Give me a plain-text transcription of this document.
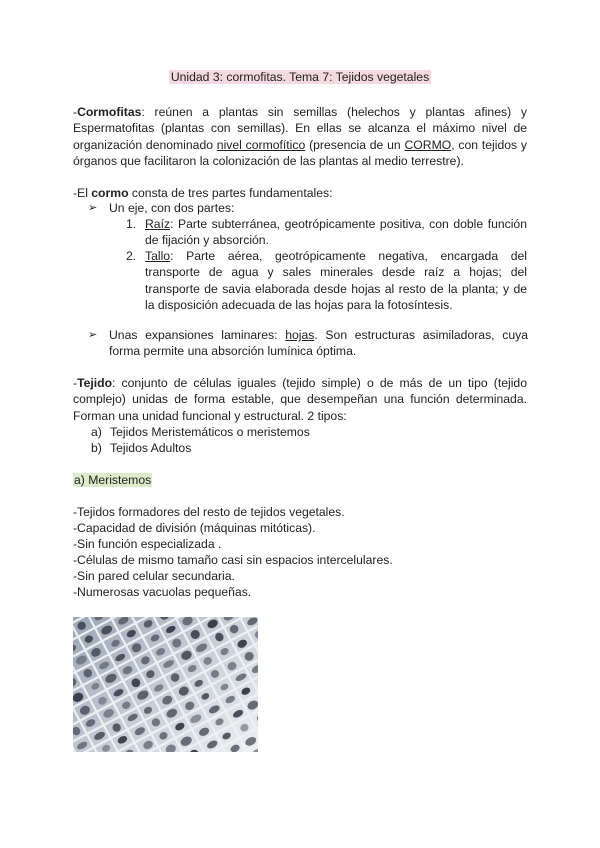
Unidad 3: cormofitas. Tema 7: Tejidos vegetales
-Cormofitas: reúnen a plantas sin semillas (helechos y plantas afines) y Espermatofitas (plantas con semillas). En ellas se alcanza el máximo nivel de organización denominado nivel cormofítico (presencia de un CORMO, con tejidos y órganos que facilitaron la colonización de las plantas al medio terrestre).
-El cormo consta de tres partes fundamentales:
➢ Un eje, con dos partes:
1. Raíz: Parte subterránea, geotrópicamente positiva, con doble función de fijación y absorción.
2. Tallo: Parte aérea, geotrópicamente negativa, encargada del transporte de agua y sales minerales desde raíz a hojas; del transporte de savia elaborada desde hojas al resto de la planta; y de la disposición adecuada de las hojas para la fotosíntesis.
➢ Unas expansiones laminares: hojas. Son estructuras asimiladoras, cuya forma permite una absorción lumínica óptima.
-Tejido: conjunto de células iguales (tejido simple) o de más de un tipo (tejido complejo) unidas de forma estable, que desempeñan una función determinada. Forman una unidad funcional y estructural. 2 tipos:
a) Tejidos Meristemáticos o meristemos
b) Tejidos Adultos
a) Meristemos
-Tejidos formadores del resto de tejidos vegetales.
-Capacidad de división (máquinas mitóticas).
-Sin función especializada .
-Células de mismo tamaño casi sin espacios intercelulares.
-Sin pared celular secundaria.
-Numerosas vacuolas pequeñas.
